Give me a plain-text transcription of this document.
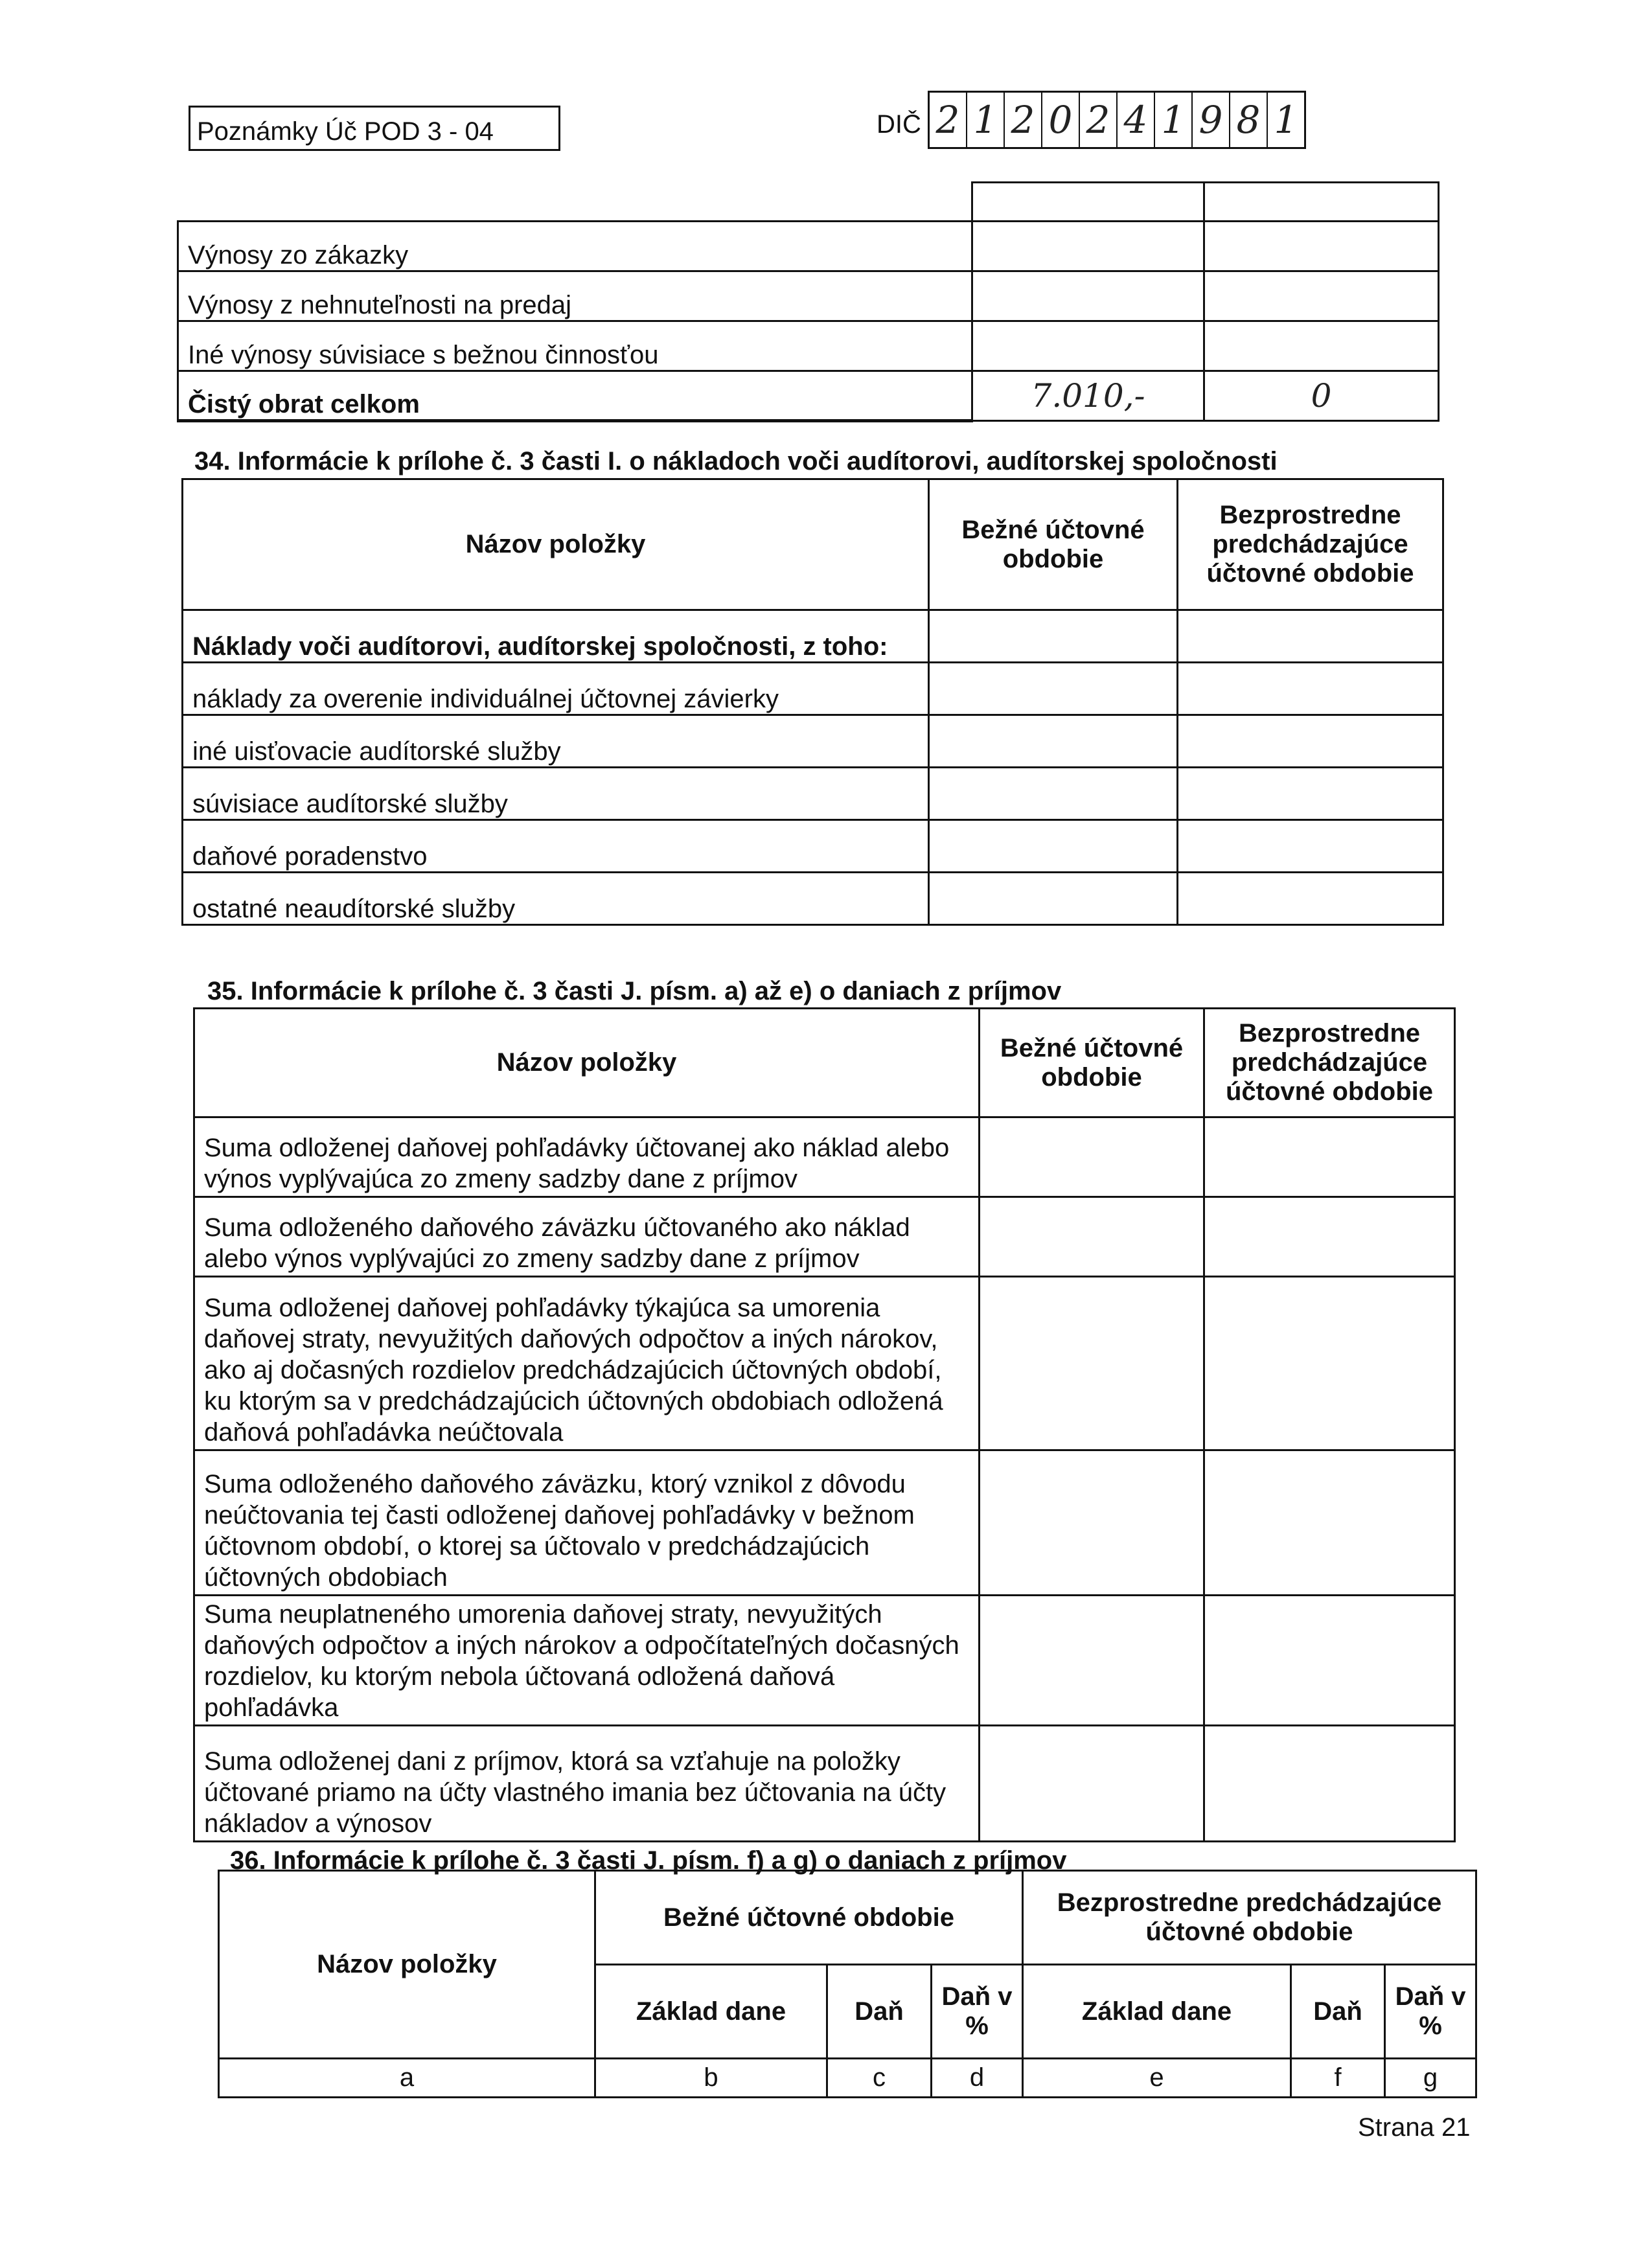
Poznámky Úč POD 3 - 04	DIČ 2 1 2 0 2 4 1 9 8 1

Výnosy zo zákazky		
Výnosy z nehnuteľnosti na predaj		
Iné výnosy súvisiace s bežnou činnosťou		
Čistý obrat celkom	7.010,-	0
34. Informácie k prílohe č. 3 časti I. o nákladoch voči audítorovi, audítorskej spoločnosti
Názov položky	Bežné účtovné obdobie	Bezprostredne predchádzajúce účtovné obdobie
Náklady voči audítorovi, audítorskej spoločnosti, z toho:		
náklady za overenie individuálnej účtovnej závierky		
iné uisťovacie audítorské služby		
súvisiace audítorské služby		
daňové poradenstvo		
ostatné neaudítorské služby		
35. Informácie k prílohe č. 3 časti J. písm. a) až e) o daniach z príjmov
Názov položky	Bežné účtovné obdobie	Bezprostredne predchádzajúce účtovné obdobie
Suma odloženej daňovej pohľadávky účtovanej ako náklad alebo výnos vyplývajúca zo zmeny sadzby dane z príjmov		
Suma odloženého daňového záväzku účtovaného ako náklad alebo výnos vyplývajúci zo zmeny sadzby dane z príjmov		
Suma odloženej daňovej pohľadávky týkajúca sa umorenia daňovej straty, nevyužitých daňových odpočtov a iných nárokov, ako aj dočasných rozdielov predchádzajúcich účtovných období, ku ktorým sa v predchádzajúcich účtovných obdobiach odložená daňová pohľadávka neúčtovala		
Suma odloženého daňového záväzku, ktorý vznikol z dôvodu neúčtovania tej časti odloženej daňovej pohľadávky v bežnom účtovnom období, o ktorej sa účtovalo v predchádzajúcich účtovných obdobiach		
Suma neuplatneného umorenia daňovej straty, nevyužitých daňových odpočtov a iných nárokov a odpočítateľných dočasných rozdielov, ku ktorým nebola účtovaná odložená daňová pohľadávka		
Suma odloženej dani z príjmov, ktorá sa vzťahuje na položky účtované priamo na účty vlastného imania bez účtovania na účty nákladov a výnosov		
36. Informácie k prílohe č. 3 časti J. písm. f) a g) o daniach z príjmov
Názov položky	Bežné účtovné obdobie			Bezprostredne predchádzajúce účtovné obdobie		
	Základ dane	Daň	Daň v %	Základ dane	Daň	Daň v %
a	b	c	d	e	f	g
Strana 21
